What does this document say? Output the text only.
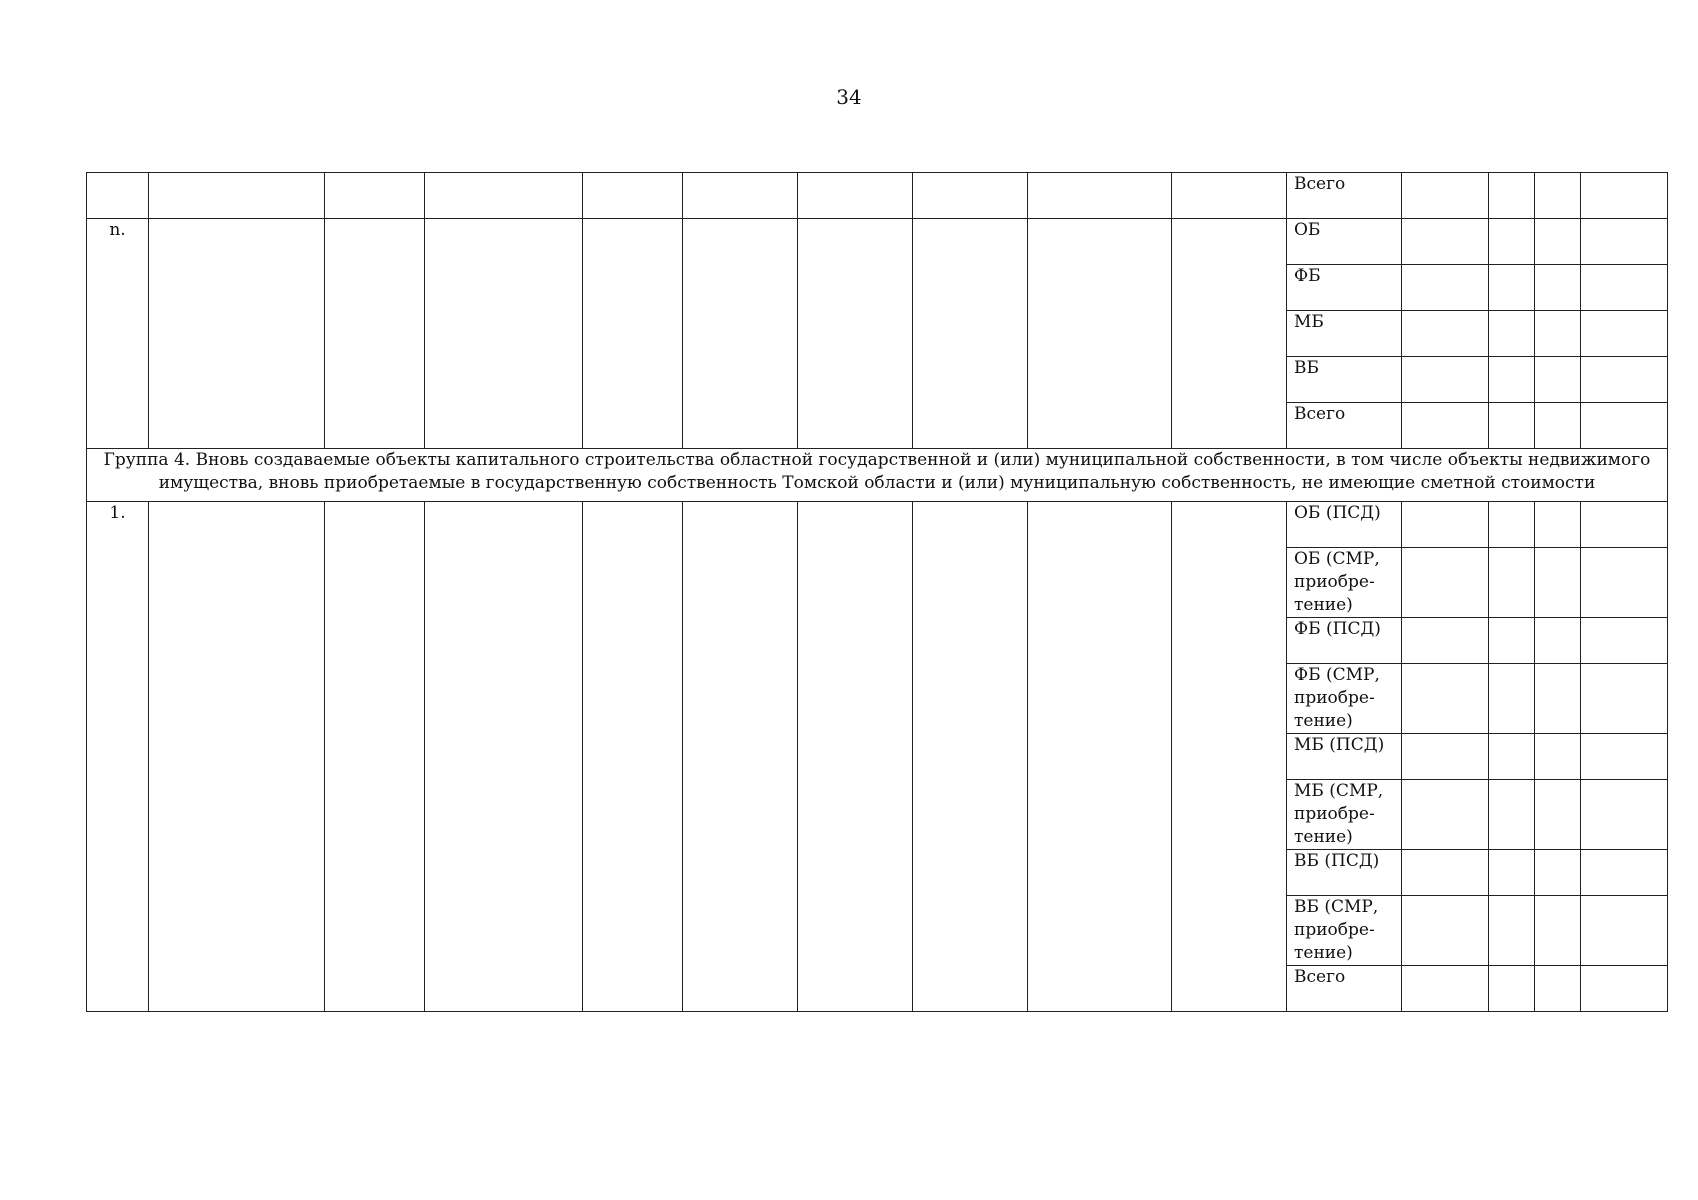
34
										Всего				
n.										ОБ				
										ФБ				
										МБ				
										ВБ				
										Всего				
Группа 4. Вновь создаваемые объекты капитального строительства областной государственной и (или) муниципальной собственности, в том числе объекты недвижимого имущества, вновь приобретаемые в государственную собственность Томской области и (или) муниципальную собственность, не имеющие сметной стоимости														
1.										ОБ (ПСД)				
										ОБ (СМР, приобре-тение)				
										ФБ (ПСД)				
										ФБ (СМР, приобре-тение)				
										МБ (ПСД)				
										МБ (СМР, приобре-тение)				
										ВБ (ПСД)				
										ВБ (СМР, приобре-тение)				
										Всего				
